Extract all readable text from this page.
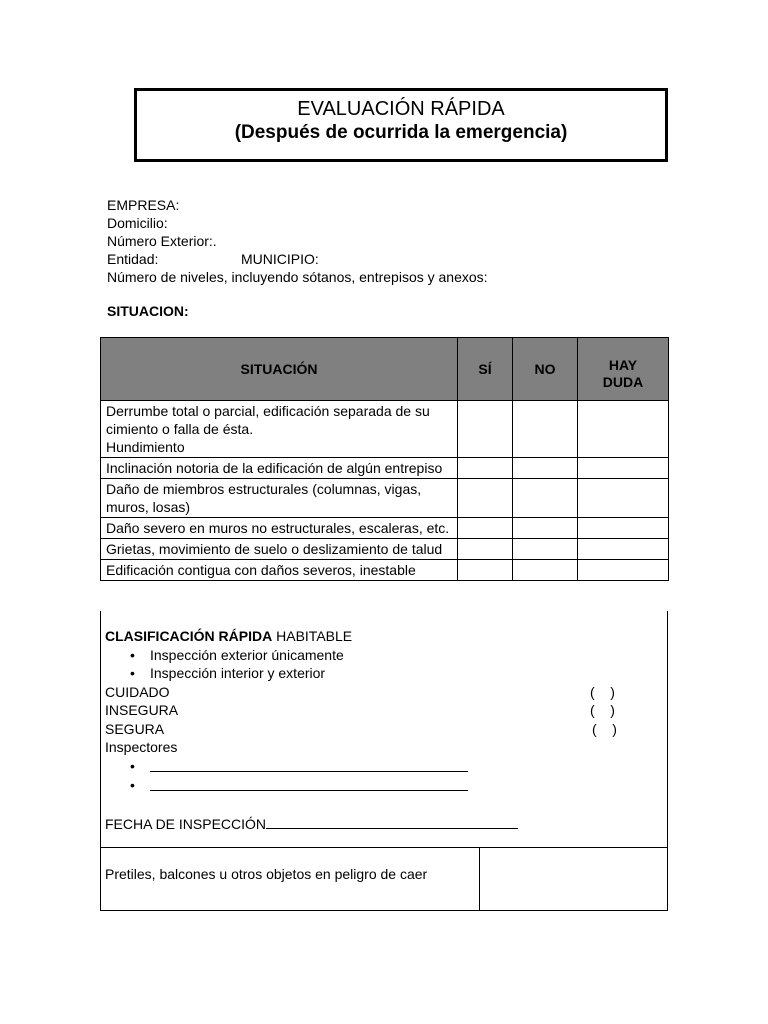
EVALUACIÓN RÁPIDA
(Después de ocurrida la emergencia)
EMPRESA:
Domicilio:
Número Exterior:.
Entidad:	MUNICIPIO:
Número de niveles, incluyendo sótanos, entrepisos y anexos:
SITUACION:
SITUACIÓN	SÍ	NO	HAY
DUDA
Derrumbe total o parcial, edificación separada de su cimiento o falla de ésta.
Hundimiento			
Inclinación notoria de la edificación de algún entrepiso			
Daño de miembros estructurales (columnas, vigas, muros, losas)			
Daño severo en muros no estructurales, escaleras, etc.			
Grietas, movimiento de suelo o deslizamiento de talud			
Edificación contigua con daños severos, inestable			
CLASIFICACIÓN RÁPIDA HABITABLE
• Inspección exterior únicamente
• Inspección interior y exterior
CUIDADO	(    )
INSEGURA	(    )
SEGURA	(    )
Inspectores
•
•
FECHA DE INSPECCIÓN
Pretiles, balcones u otros objetos en peligro de caer
